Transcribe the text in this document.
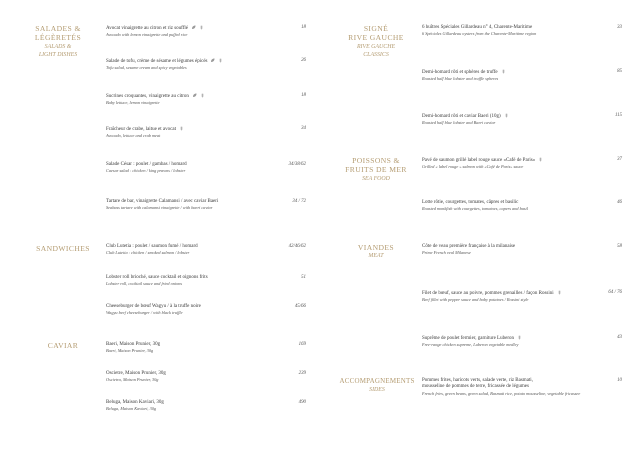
SALADES &
LÉGÈRETÉS
SALADS &
LIGHT DISHES
Avocat vinaigrette au citron et riz soufflé
Avocado with lemon vinaigrette and puffed rice
18
Salade de tofu, crème de sésame et légumes épicés
Tofu salad, sesame cream and spicy vegetables
26
Sucrines croquantes, vinaigrette au citron
Baby lettuce, lemon vinaigrette
18
Fraîcheur de crabe, laitue et avocat
Avocado, lettuce and crab meat
34
Salade César : poulet / gambas / homard
Caesar salad : chicken / king prawns / lobster
34/38/62
Tartare de bar, vinaigrette Calamansi / avec caviar Baeri
Seabass tartare with calamansi vinaigrette / with baeri caviar
34 / 72
SANDWICHES	Club Lutetia : poulet / saumon fumé / homard
Club Lutetia : chicken / smoked salmon / lobster
42/46/62
Lobster roll brioché, sauce cocktail et oignons frits
Lobster roll, cocktail sauce and fried onions
51
Cheeseburger de bœuf Wagyu / à la truffe noire
Wagyu beef cheeseburger / with black truffle
45/66
CAVIAR	Baeri, Maison Prunier, 30g
Baeri, Maison Prunier, 30g
169
Oscietre, Maison Prunier, 30g
Oscietra, Maison Prunier, 30g
239
Beluga, Maison Kaviari, 30g
Beluga, Maison Kaviari, 30g
490
SIGNÉ
RIVE GAUCHE
RIVE GAUCHE
CLASSICS
6 huîtres Spéciales Gillardeau n° 4, Charente-Maritime
6 Spéciales Gillardeau oysters from the Charente-Maritime region
33
Demi-homard rôti et sphères de truffe
Roasted half blue lobster and truffle spheres
85
Demi-homard rôti et caviar Baeri (10g)
Roasted half blue lobster and Baeri caviar
115
POISSONS &
FRUITS DE MER
SEA FOOD
Pavé de saumon grillé label rouge sauce «Café de Paris»
Grilled « label rouge » salmon with «Café de Paris» sauce
37
Lotte rôtie, courgettes, tomates, câpres et basilic
Roasted monkfish with courgettes, tomatoes, capers and basil
46
VIANDES
MEAT
Côte de veau première française à la milanaise
Prime French veal Milanese
58
Filet de bœuf, sauce au poivre, pommes grenailles / façon Rossini
Beef fillet with pepper sauce and baby potatoes / Rossini style
64 / 76
Suprême de poulet fermier, garniture Luberon
Free-range chicken supreme, Luberon vegetable medley
43
ACCOMPAGNEMENTS
SIDES
Pommes frites, haricots verts, salade verte, riz Basmati,
mousseline de pommes de terre, fricassée de légumes
French fries, green beans, green salad, Basmati rice, potato mousseline, vegetable fricassee
10
